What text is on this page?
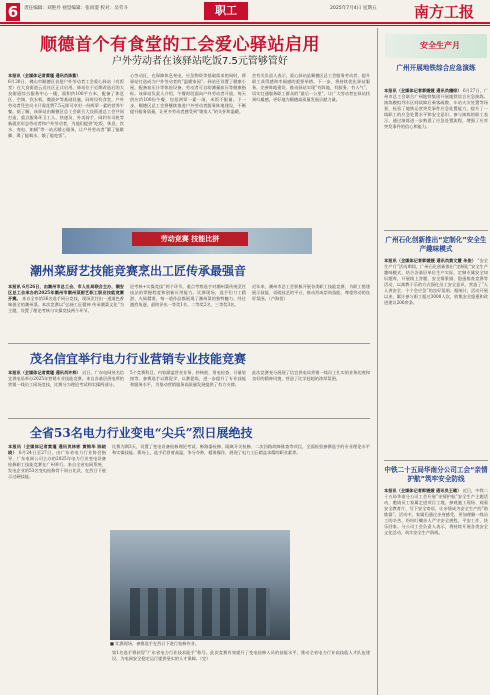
6	责任编辑：刘艳丹 视觉编辑：张同澄 校对：吴劳斗	职工	2025年7月4日 星期五 南方工报
顺德首个有食堂的工会爱心驿站启用
户外劳动者在该驿站吃饭7.5元管够管好
本报讯（全媒体记者黄瑾 通讯员陈紫）
6月30日，佛山市顺德区首批户外劳动者工会爱心驿站（有饭堂）在大良街道云近社区正式启用。驿站位于近期改造后的大良街道综合服务中心一楼，面积约100平方米，配备了休息区、空调、饮水机、微波炉等基础设施，同时设有食堂，户外劳动者凭会员卡只需花费7.5元即可享用一份两荤一素的营养午餐。据了解，该驿站由顺德区总工会联合大良街道总工会共同打造，重点服务环卫工人、快递员、外卖骑手、网约车司机等新就业形态劳动者和户外劳动者，为他们提供“吃饭、休息、饮水、充电、如厕”等一站式暖心服务，让户外劳动者“累了能歇脚、渴了能喝水、饿了能吃饭”。
心劳动区，在保障休息充电、应急物资等基础需求的同时，将驿站打造成为户外劳动者的“温暖家园”。驿站还设置了健康小屋，配备血压计等体检设备，劳动者可自助测量血压等健康指标。该驿站负责人介绍，午餐时段面向户外劳动者开放，每天供应约100份午餐，包括两荤一素一汤，米饭不限量。下一步，顺德区总工会将继续推进户外劳动者服务阵地建设，不断提升服务质量，让更多劳动者感受到“娘家人”的关怀和温暖。
会有关负责人表示，爱心驿站是顺德区总工会服务劳动者、提升职工获得感和幸福感的重要举措。下一步，将持续优化驿站服务，完善阵地建设，推动驿站实现“有阵地、有服务、有人气”，切实打通服务职工群众的“最后一公里”，让广大劳动者在驿站找到归属感，更好地为顺德高质量发展贡献力量。
劳动竞赛 技能比拼
潮州菜厨艺技能竞赛烹出工匠传承最强音
本报讯 6月26日，由潮州市总工会、市人社局联合主办，潮安区总工会承办的2025年潮州市潮州菜厨艺职工职业技能竞赛开赛。 来自全市的36名选手同台竞技，现场烹饪出一道道色香味俱全的潮州菜。本次竞赛以“弘扬工匠精神 传承潮菜文化”为主题，设置了理论考核与实操竞技两个环节。
论考核+实操竞技”两个环节，重点考察选手对潮州菜传统烹饪技法的掌握程度和创新应用能力。比赛现场，选手们刀工精湛、火候精准，每一道作品都展现了潮州菜的独特魅力。经过激烈角逐，最终评出一等奖1名、二等奖2名、三等奖3名。
近年来，潮州市总工会积极开展各类职工技能竞赛，为职工搭建展示技能、切磋技艺的平台，推动形成崇尚技能、尊重劳动的良好氛围。（卢海恒）
茂名信宜举行电力行业营销专业技能竞赛
本报讯（全媒体记者黄瑾 通讯员许梓） 近日，广东电网茂名信宜供电局举办2025年营销专业技能竞赛。来自各基层供电所的营销一线员工同场竞技，比赛分为理论考试和实操两部分。
5个竞赛科目，内容涵盖营业业务、抄核收、用电检查、计量装接等。参赛选手以赛促学、以赛促练，进一步提升了专业技能和服务水平，为推动营销服务高质量发展提供了有力支撑。
此次竞赛充分展现了信宜供电局营销一线员工扎实的业务功底和良好的精神风貌，营造了比学赶超的浓厚氛围。
全省53名电力行业变电“尖兵”烈日展绝技
本报讯（全媒体记者黄瑾 通讯员林彬 黄锦华 陈晓晓） 6月24日至27日，由广东省电力行业协会指导、广东电网公司主办的2025年电力行业变电设备检修职工技能竞赛在广州举行。来自全省电网系统、发电企业的53名变电检修骨干同台比武，在烈日下展示过硬技能。
比赛为期3天，设置了变电设备检修理论考试、断路器检修、隔离开关检修、二次回路故障排查等项目，全面检验参赛选手的专业理论水平和实操技能。赛场上，选手们冒着高温，争分夺秒，精准操作，展现了电力工匠精益求精的职业素养。
■ 比赛现场，参赛选手在烈日下进行检修作业。
第1名选手将获得“广东省电力行业技术能手”称号。此次竞赛有效提升了变电检修人员的技能水平，推动全省电力行业高技能人才队伍建设，为电网安全稳定运行提供坚实的人才保障。（完）
安全生产月
广州开展地铁综合应急演练
本报讯（全媒体记者郭媛媛 通讯员穗综） 6月27日，广州市总工会联合广州地铁集团开展地铁综合应急演练。演练模拟列车区间故障后乘客疏散、车站火灾处置等场景，检验了地铁运营突发事件应急处置能力，提升了一线职工的应急处置水平和安全意识。参与演练的职工表示，通过演练进一步熟悉了应急处置流程，增强了应对突发事件的信心和能力。
广州石化创新推出“定制化”安全生产趣味模式
本报讯（全媒体记者郭媛媛 通讯员黄文慧 朱俊） “安全生产月”活动期间，广州石化创新推出“定制化”安全生产趣味模式，结合各基层单位生产实际，定制专属安全知识题库，开展线上答题、安全情景剧、隐患排查竞赛等活动，以寓教于乐的方式强化员工安全意识，营造了“人人讲安全、个个会应急”的良好氛围。据统计，活动开展以来，累计参与职工超过3000人次，收集安全隐患和改进建议200余条。
中铁二十五局华南分公司工会“亲情护航”筑牢安全防线
本报讯（全媒体记者郭媛媛 通讯员王璐） 近日，中铁二十五局华南分公司工会开展“亲情护航”安全生产主题活动，邀请员工家属走进项目工地，参观施工现场、观看安全教育片，写下安全寄语，让亲情成为安全生产的“助推器”。活动中，家属们通过亲身感受，更加理解一线员工的辛苦，纷纷叮嘱亲人严守安全规程，平安工作、快乐回家。分公司工会负责人表示，将持续开展各类安全文化活动，筑牢安全生产防线。
